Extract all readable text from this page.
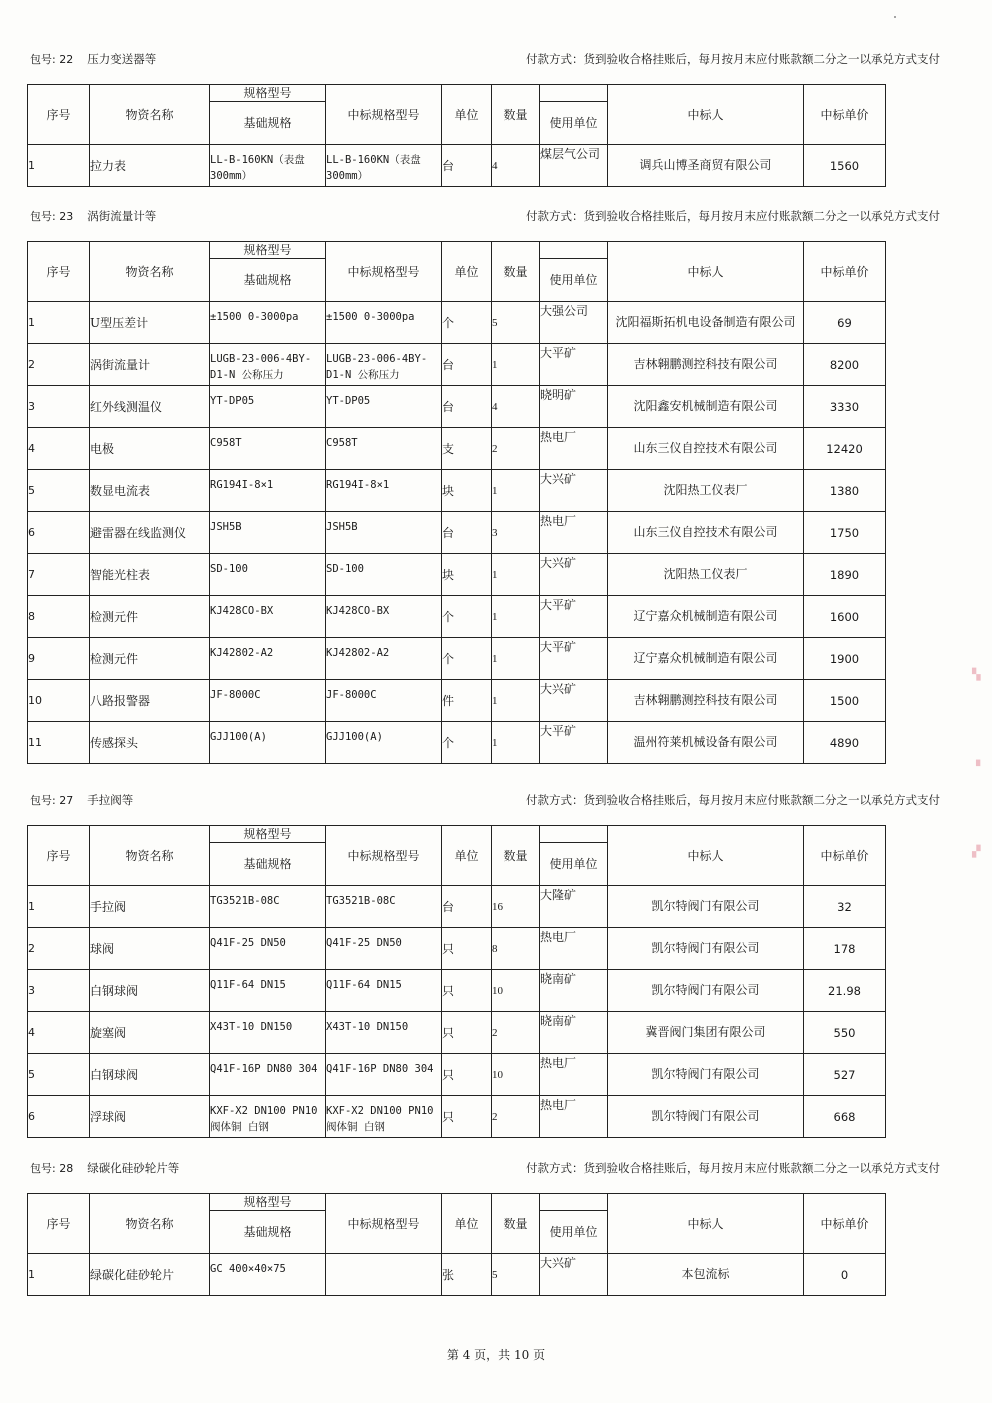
▚
▘
▞
包号: 22 压力变送器等	付款方式：货到验收合格挂账后，每月按月末应付账款额二分之一以承兑方式支付
序号	物资名称	规格型号	中标规格型号	单位	数量		中标人	中标单价
		基础规格				使用单位		
1	拉力表	LL-B-160KN（表盘300mm）	LL-B-160KN（表盘300mm）	台	4	煤层气公司	调兵山博圣商贸有限公司	1560
包号: 23 涡街流量计等	付款方式：货到验收合格挂账后，每月按月末应付账款额二分之一以承兑方式支付
序号	物资名称	规格型号	中标规格型号	单位	数量		中标人	中标单价
		基础规格				使用单位		
1	U型压差计	±1500 0-3000pa	±1500 0-3000pa	个	5	大强公司	沈阳福斯拓机电设备制造有限公司	69
2	涡街流量计	LUGB-23-006-4BY-D1-N 公称压力	LUGB-23-006-4BY-D1-N 公称压力	台	1	大平矿	吉林翱鹏测控科技有限公司	8200
3	红外线测温仪	YT-DP05	YT-DP05	台	4	晓明矿	沈阳鑫安机械制造有限公司	3330
4	电极	C958T	C958T	支	2	热电厂	山东三仪自控技术有限公司	12420
5	数显电流表	RG194I-8×1	RG194I-8×1	块	1	大兴矿	沈阳热工仪表厂	1380
6	避雷器在线监测仪	JSH5B	JSH5B	台	3	热电厂	山东三仪自控技术有限公司	1750
7	智能光柱表	SD-100	SD-100	块	1	大兴矿	沈阳热工仪表厂	1890
8	检测元件	KJ428CO-BX	KJ428CO-BX	个	1	大平矿	辽宁嘉众机械制造有限公司	1600
9	检测元件	KJ42802-A2	KJ42802-A2	个	1	大平矿	辽宁嘉众机械制造有限公司	1900
10	八路报警器	JF-8000C	JF-8000C	件	1	大兴矿	吉林翱鹏测控科技有限公司	1500
11	传感探头	GJJ100(A)	GJJ100(A)	个	1	大平矿	温州符莱机械设备有限公司	4890
包号: 27 手拉阀等	付款方式：货到验收合格挂账后，每月按月末应付账款额二分之一以承兑方式支付
序号	物资名称	规格型号	中标规格型号	单位	数量		中标人	中标单价
		基础规格				使用单位		
1	手拉阀	TG3521B-08C	TG3521B-08C	台	16	大隆矿	凯尔特阀门有限公司	32
2	球阀	Q41F-25 DN50	Q41F-25 DN50	只	8	热电厂	凯尔特阀门有限公司	178
3	白钢球阀	Q11F-64 DN15	Q11F-64 DN15	只	10	晓南矿	凯尔特阀门有限公司	21.98
4	旋塞阀	X43T-10 DN150	X43T-10 DN150	只	2	晓南矿	冀晋阀门集团有限公司	550
5	白钢球阀	Q41F-16P DN80 304	Q41F-16P DN80 304	只	10	热电厂	凯尔特阀门有限公司	527
6	浮球阀	KXF-X2 DN100 PN10阀体铜 白钢	KXF-X2 DN100 PN10阀体铜 白钢	只	2	热电厂	凯尔特阀门有限公司	668
包号: 28 绿碳化硅砂轮片等	付款方式：货到验收合格挂账后，每月按月末应付账款额二分之一以承兑方式支付
序号	物资名称	规格型号	中标规格型号	单位	数量		中标人	中标单价
		基础规格				使用单位		
1	绿碳化硅砂轮片	GC 400×40×75		张	5	大兴矿	本包流标	0
第 4 页，共 10 页
